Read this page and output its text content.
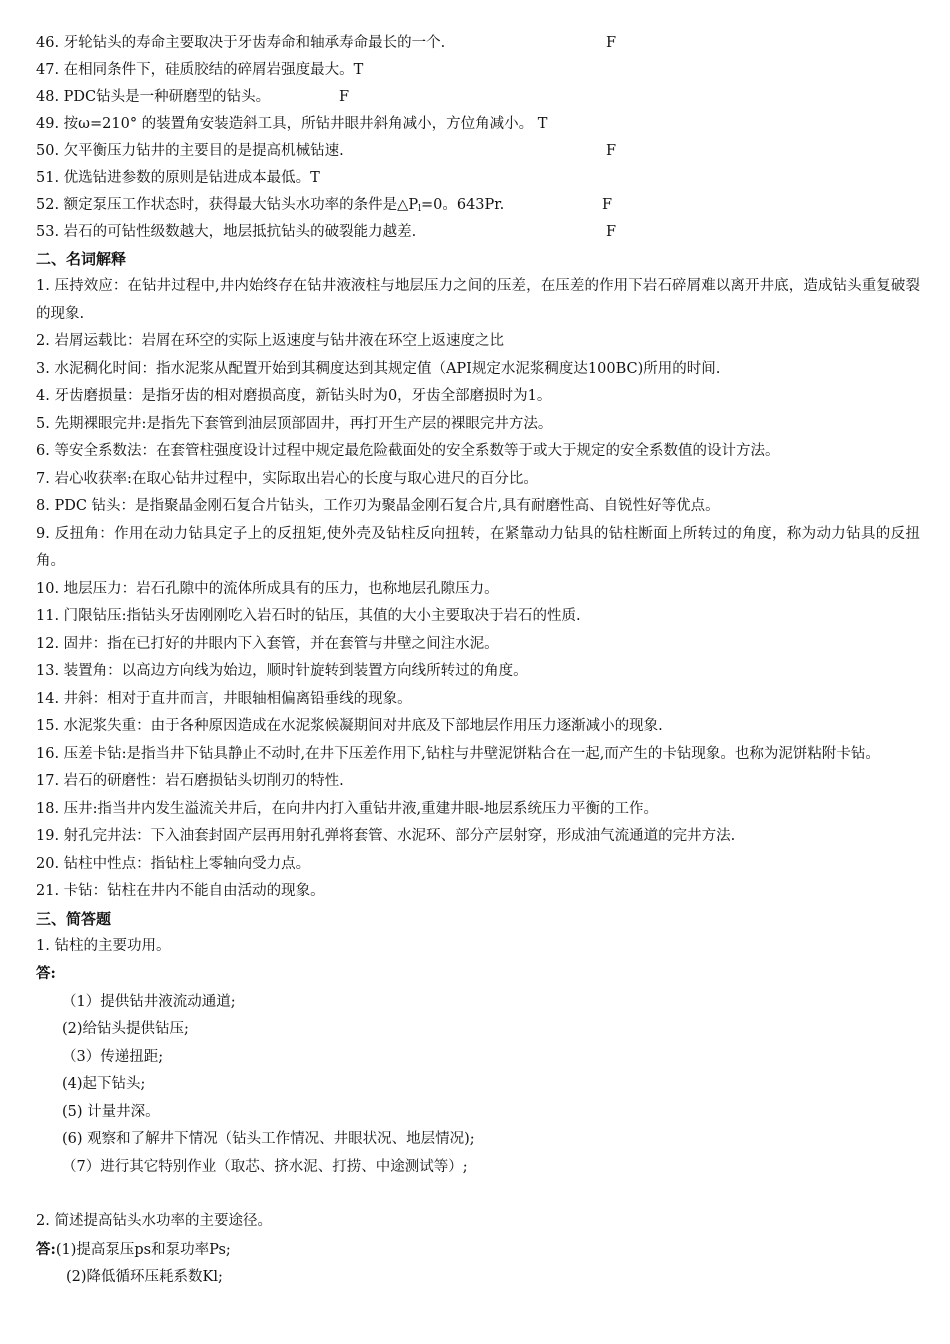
46. 牙轮钻头的寿命主要取决于牙齿寿命和轴承寿命最长的一个.	F
47. 在相同条件下，硅质胶结的碎屑岩强度最大。T
48. PDC钻头是一种研磨型的钻头。	F
49. 按ω=210° 的装置角安装造斜工具，所钻井眼井斜角减小，方位角减小。 T
50. 欠平衡压力钻井的主要目的是提高机械钻速.	F
51. 优选钻进参数的原则是钻进成本最低。T
52. 额定泵压工作状态时，获得最大钻头水功率的条件是$\triangle P_l=0$。643Pr.	F
53. 岩石的可钻性级数越大，地层抵抗钻头的破裂能力越差.	F
二、名词解释
1. 压持效应：在钻井过程中,井内始终存在钻井液液柱与地层压力之间的压差，在压差的作用下岩石碎屑难以离开井底，造成钻头重复破裂的现象.
2. 岩屑运载比：岩屑在环空的实际上返速度与钻井液在环空上返速度之比
3. 水泥稠化时间：指水泥浆从配置开始到其稠度达到其规定值（API规定水泥浆稠度达100BC)所用的时间.
4. 牙齿磨损量：是指牙齿的相对磨损高度，新钻头时为0，牙齿全部磨损时为1。
5. 先期裸眼完井:是指先下套管到油层顶部固井，再打开生产层的裸眼完井方法。
6. 等安全系数法：在套管柱强度设计过程中规定最危险截面处的安全系数等于或大于规定的安全系数值的设计方法。
7. 岩心收获率:在取心钻井过程中，实际取出岩心的长度与取心进尺的百分比。
8. PDC 钻头：是指聚晶金刚石复合片钻头，工作刃为聚晶金刚石复合片,具有耐磨性高、自锐性好等优点。
9. 反扭角：作用在动力钻具定子上的反扭矩,使外壳及钻柱反向扭转，在紧靠动力钻具的钻柱断面上所转过的角度，称为动力钻具的反扭角。
10. 地层压力：岩石孔隙中的流体所成具有的压力，也称地层孔隙压力。
11. 门限钻压:指钻头牙齿刚刚吃入岩石时的钻压，其值的大小主要取决于岩石的性质.
12. 固井：指在已打好的井眼内下入套管，并在套管与井壁之间注水泥。
13. 装置角：以高边方向线为始边，顺时针旋转到装置方向线所转过的角度。
14. 井斜：相对于直井而言，井眼轴相偏离铅垂线的现象。
15. 水泥浆失重：由于各种原因造成在水泥浆候凝期间对井底及下部地层作用压力逐渐减小的现象.
16. 压差卡钻:是指当井下钻具静止不动时,在井下压差作用下,钻柱与井壁泥饼粘合在一起,而产生的卡钻现象。也称为泥饼粘附卡钻。
17. 岩石的研磨性：岩石磨损钻头切削刃的特性.
18. 压井:指当井内发生溢流关井后，在向井内打入重钻井液,重建井眼-地层系统压力平衡的工作。
19. 射孔完井法：下入油套封固产层再用射孔弹将套管、水泥环、部分产层射穿，形成油气流通道的完井方法.
20. 钻柱中性点：指钻柱上零轴向受力点。
21. 卡钻：钻柱在井内不能自由活动的现象。
三、简答题
1. 钻柱的主要功用。
答:
（1）提供钻井液流动通道;
(2)给钻头提供钻压;
（3）传递扭距;
(4)起下钻头;
(5) 计量井深。
(6) 观察和了解井下情况（钻头工作情况、井眼状况、地层情况);
（7）进行其它特别作业（取芯、挤水泥、打捞、中途测试等）;
2. 简述提高钻头水功率的主要途径。
答:(1)提高泵压ps和泵功率Ps;
(2)降低循环压耗系数Kl;
